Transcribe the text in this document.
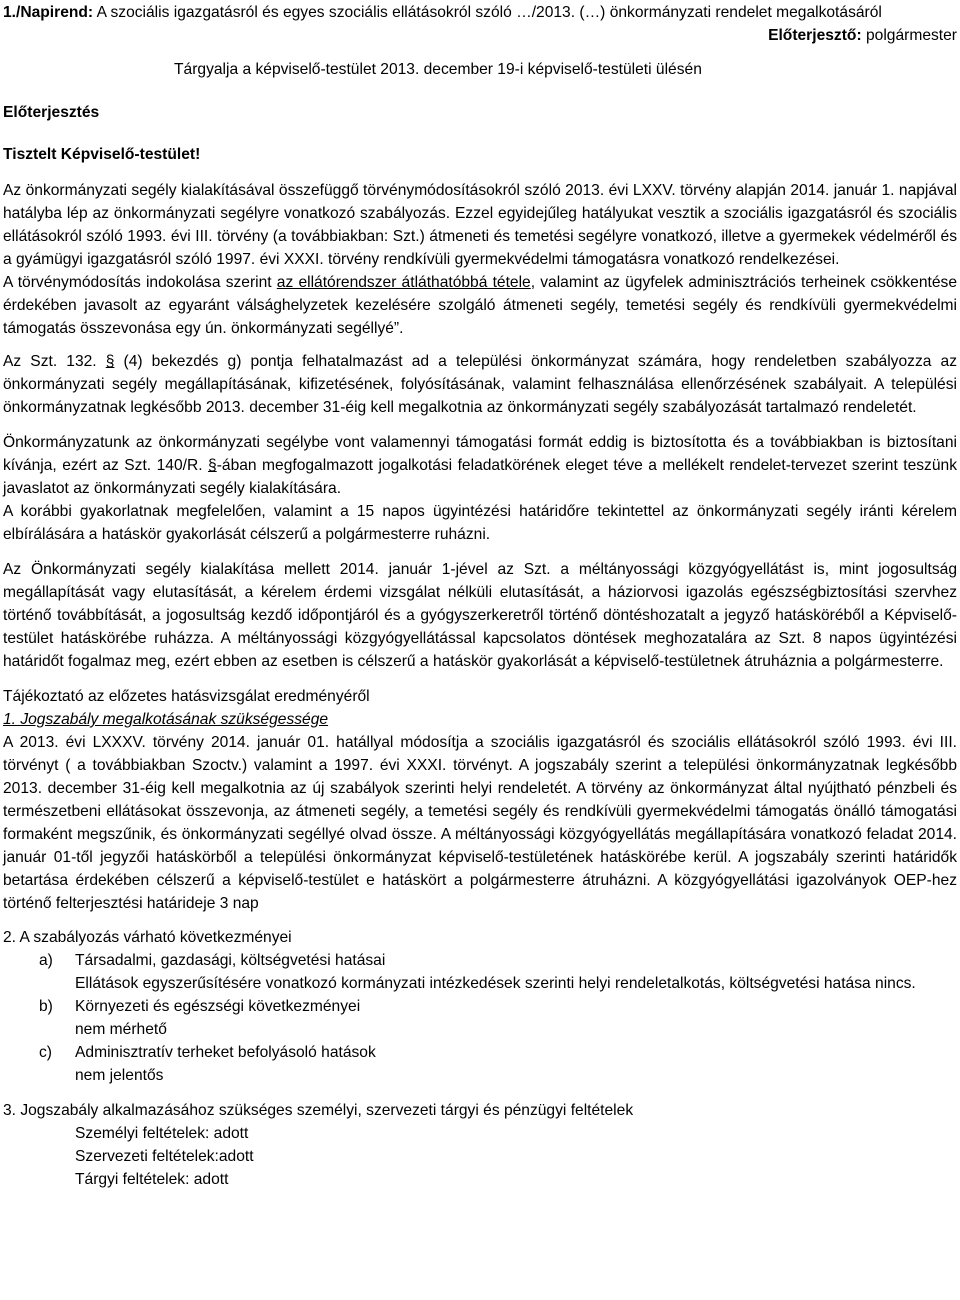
1./Napirend: A szociális igazgatásról és egyes szociális ellátásokról szóló …/2013. (…) önkormányzati rendelet megalkotásáról

Előterjesztő: polgármester
Tárgyalja a képviselő-testület 2013. december 19-i képviselő-testületi ülésén
Előterjesztés
Tisztelt Képviselő-testület!

Az önkormányzati segély kialakításával összefüggő törvénymódosításokról szóló 2013. évi LXXV. törvény alapján 2014. január 1. napjával hatályba lép az önkormányzati segélyre vonatkozó szabályozás. Ezzel egyidejűleg hatályukat vesztik a szociális igazgatásról és szociális ellátásokról szóló 1993. évi III. törvény (a továbbiakban: Szt.) átmeneti és temetési segélyre vonatkozó, illetve a gyermekek védelméről és a gyámügyi igazgatásról szóló 1997. évi XXXI. törvény rendkívüli gyermekvédelmi támogatásra vonatkozó rendelkezései.

A törvénymódosítás indokolása szerint az ellátórendszer átláthatóbbá tétele, valamint az ügyfelek adminisztrációs terheinek csökkentése érdekében javasolt az egyaránt válsághelyzetek kezelésére szolgáló átmeneti segély, temetési segély és rendkívüli gyermekvédelmi támogatás összevonása egy ún. önkormányzati segéllyé”.

Az Szt. 132. § (4) bekezdés g) pontja felhatalmazást ad a települési önkormányzat számára, hogy rendeletben szabályozza az önkormányzati segély megállapításának, kifizetésének, folyósításának, valamint felhasználása ellenőrzésének szabályait. A települési önkormányzatnak legkésőbb 2013. december 31-éig kell megalkotnia az önkormányzati segély szabályozását tartalmazó rendeletét.

Önkormányzatunk az önkormányzati segélybe vont valamennyi támogatási formát eddig is biztosította és a továbbiakban is biztosítani kívánja, ezért az Szt. 140/R. §-ában megfogalmazott jogalkotási feladatkörének eleget téve a mellékelt rendelet-tervezet szerint teszünk javaslatot az önkormányzati segély kialakítására.

A korábbi gyakorlatnak megfelelően, valamint a 15 napos ügyintézési határidőre tekintettel az önkormányzati segély iránti kérelem elbírálására a hatáskör gyakorlását célszerű a polgármesterre ruházni.

Az Önkormányzati segély kialakítása mellett 2014. január 1-jével az Szt. a méltányossági közgyógyellátást is, mint jogosultság megállapítását vagy elutasítását, a kérelem érdemi vizsgálat nélküli elutasítását, a háziorvosi igazolás egészségbiztosítási szervhez történő továbbítását, a jogosultság kezdő időpontjáról és a gyógyszerkeretről történő döntéshozatalt a jegyző hatásköréből a Képviselő-testület hatáskörébe ruházza. A méltányossági közgyógyellátással kapcsolatos döntések meghozatalára az Szt. 8 napos ügyintézési határidőt fogalmaz meg, ezért ebben az esetben is célszerű a hatáskör gyakorlását a képviselő-testületnek átruháznia a polgármesterre.

Tájékoztató az előzetes hatásvizsgálat eredményéről
1. Jogszabály megalkotásának szükségessége

A 2013. évi LXXXV. törvény 2014. január 01. hatállyal módosítja a szociális igazgatásról és szociális ellátásokról szóló 1993. évi III. törvényt ( a továbbiakban Szoctv.) valamint a 1997. évi XXXI. törvényt. A jogszabály szerint a települési önkormányzatnak legkésőbb 2013. december 31-éig kell megalkotnia az új szabályok szerinti helyi rendeletét. A törvény az önkormányzat által nyújtható pénzbeli és természetbeni ellátásokat összevonja, az átmeneti segély, a temetési segély és rendkívüli gyermekvédelmi támogatás önálló támogatási formaként megszűnik, és önkormányzati segéllyé olvad össze. A méltányossági közgyógyellátás megállapítására vonatkozó feladat 2014. január 01-től jegyzői hatáskörből a települési önkormányzat képviselő-testületének hatáskörébe kerül. A jogszabály szerinti határidők betartása érdekében célszerű a képviselő-testület e hatáskört a polgármesterre átruházni. A közgyógyellátási igazolványok OEP-hez történő felterjesztési határideje 3 nap

2. A szabályozás várható következményei
a) Társadalmi, gazdasági, költségvetési hatásai
Ellátások egyszerűsítésére vonatkozó kormányzati intézkedések szerinti helyi rendeletalkotás, költségvetési hatása nincs.
b) Környezeti és egészségi következményei
nem mérhető
c) Adminisztratív terheket befolyásoló hatások
nem jelentős
3. Jogszabály alkalmazásához szükséges személyi, szervezeti tárgyi és pénzügyi feltételek
Személyi feltételek: adott
Szervezeti feltételek:adott
Tárgyi feltételek: adott
